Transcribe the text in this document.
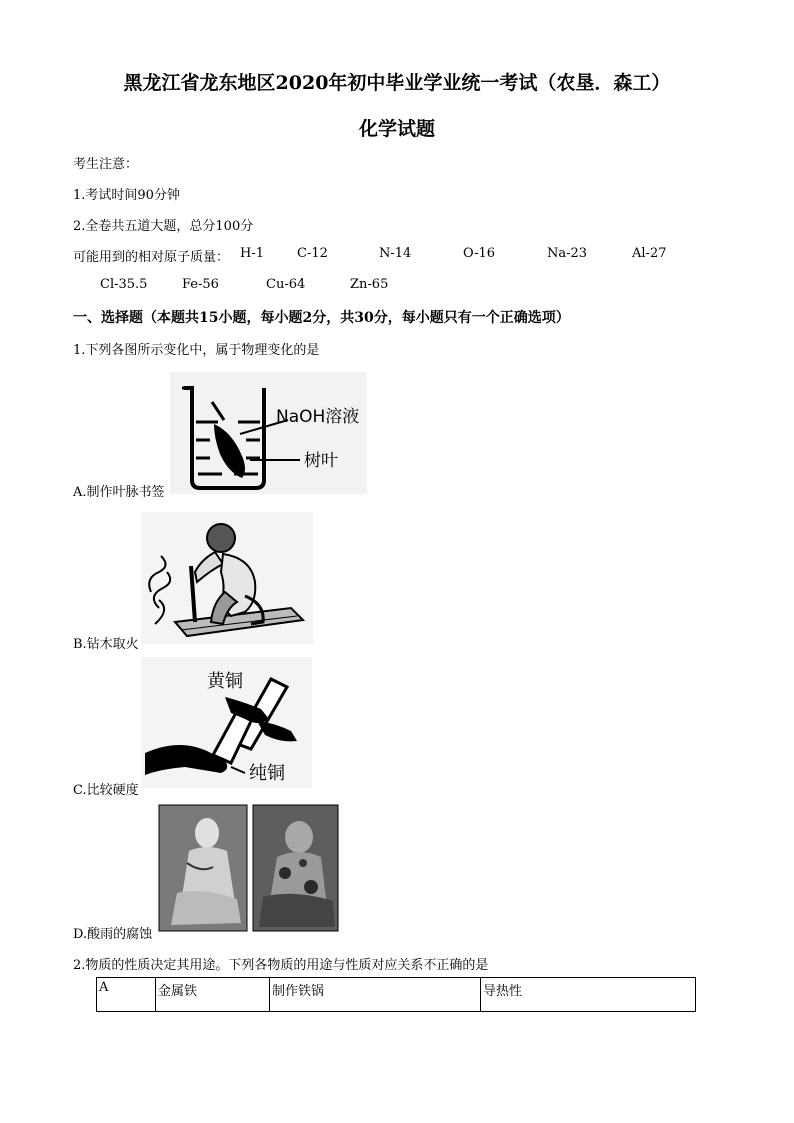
黑龙江省龙东地区2020年初中毕业学业统一考试（农垦．森工）
化学试题
考生注意：
1.考试时间90分钟
2.全卷共五道大题，总分100分
可能用到的相对原子质量： H-1	C-12	N-14	O-16	Na-23	Al-27
Cl-35.5	Fe-56	Cu-64	Zn-65
一、选择题（本题共15小题，每小题2分，共30分，每小题只有一个正确选项）
1.下列各图所示变化中，属于物理变化的是
NaOH溶液
树叶
A.制作叶脉书签
B.钻木取火
黄铜
纯铜
C.比较硬度
D.酸雨的腐蚀
2.物质的性质决定其用途。下列各物质的用途与性质对应关系不正确的是
A	金属铁	制作铁锅	导热性
